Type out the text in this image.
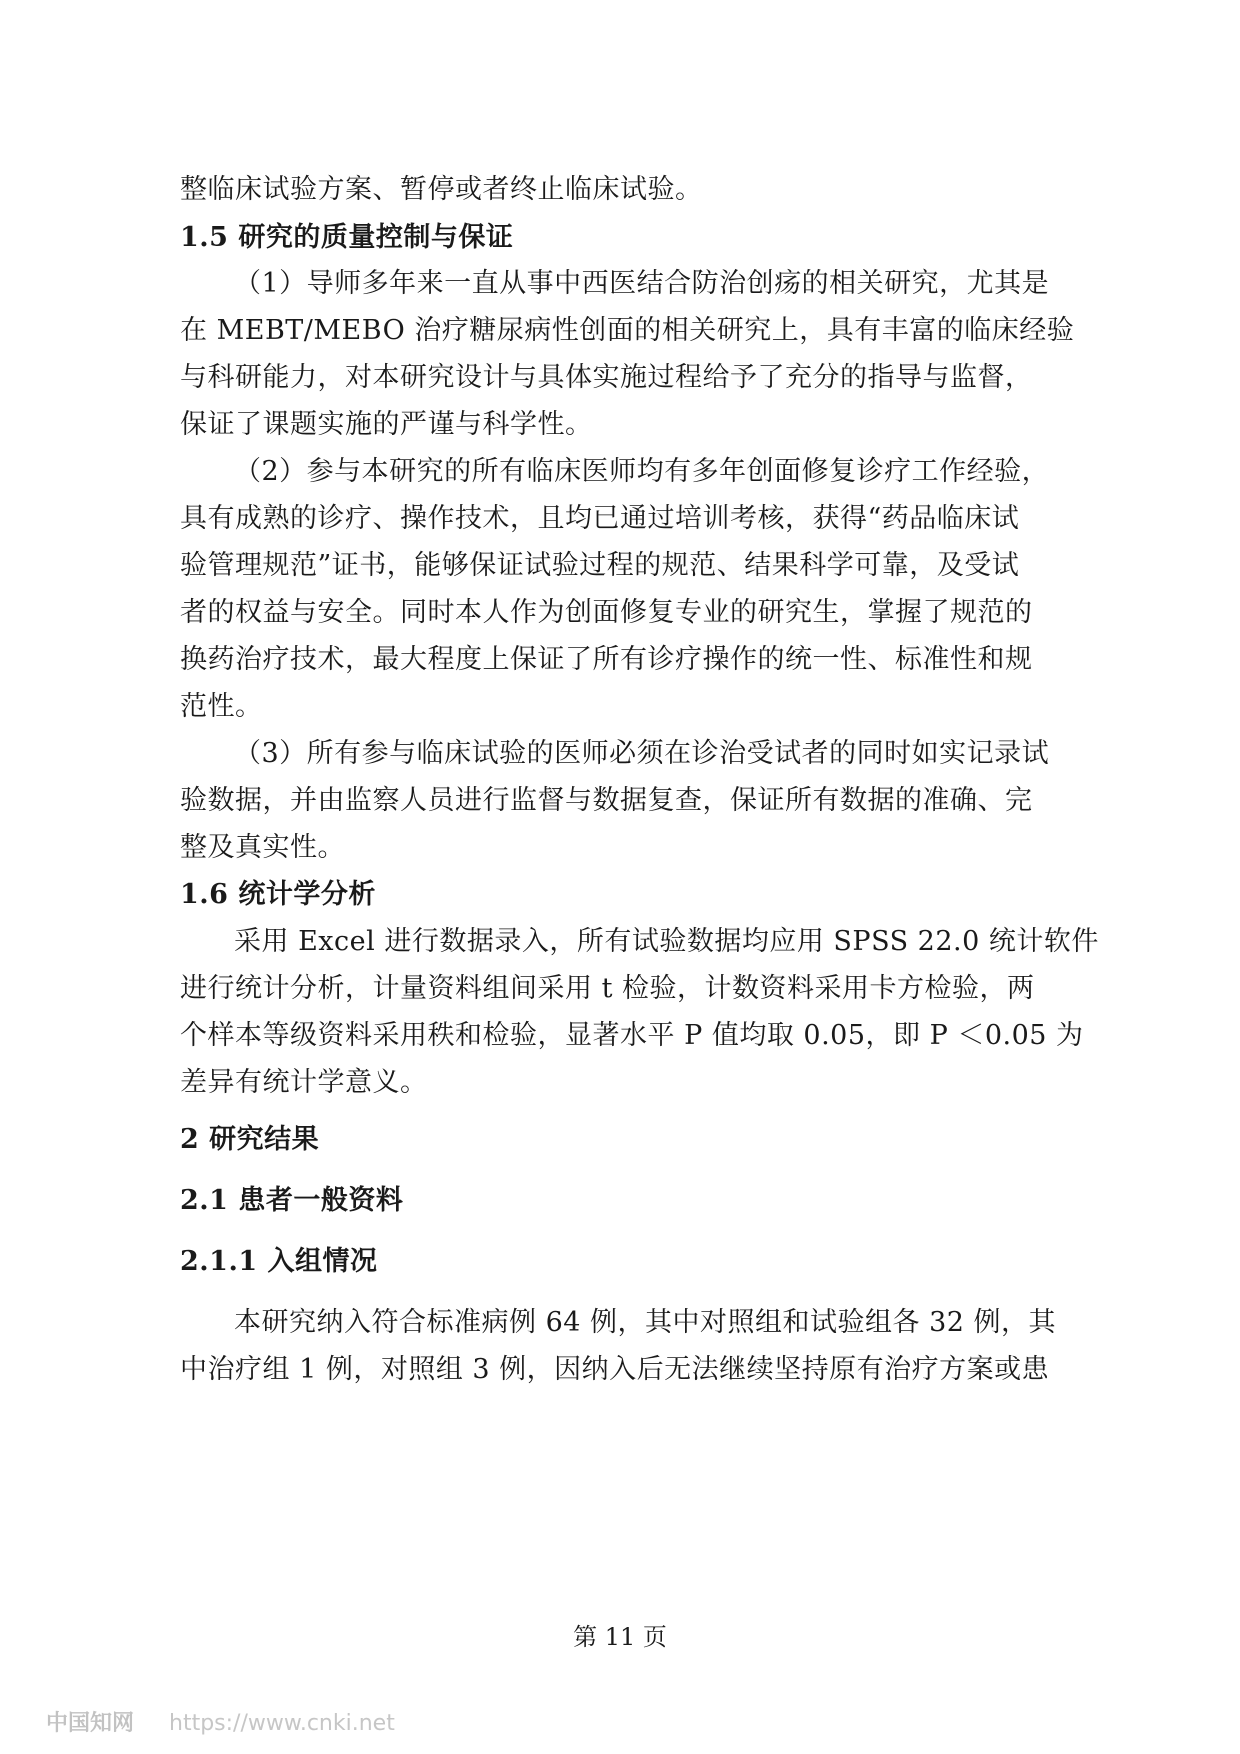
整临床试验方案、暂停或者终止临床试验。
1.5 研究的质量控制与保证
（1）导师多年来一直从事中西医结合防治创疡的相关研究，尤其是
在 MEBT/MEBO 治疗糖尿病性创面的相关研究上，具有丰富的临床经验
与科研能力，对本研究设计与具体实施过程给予了充分的指导与监督，
保证了课题实施的严谨与科学性。
（2）参与本研究的所有临床医师均有多年创面修复诊疗工作经验，
具有成熟的诊疗、操作技术，且均已通过培训考核，获得“药品临床试
验管理规范”证书，能够保证试验过程的规范、结果科学可靠，及受试
者的权益与安全。同时本人作为创面修复专业的研究生，掌握了规范的
换药治疗技术，最大程度上保证了所有诊疗操作的统一性、标准性和规
范性。
（3）所有参与临床试验的医师必须在诊治受试者的同时如实记录试
验数据，并由监察人员进行监督与数据复查，保证所有数据的准确、完
整及真实性。
1.6 统计学分析
采用 Excel 进行数据录入，所有试验数据均应用 SPSS 22.0 统计软件
进行统计分析，计量资料组间采用 t 检验，计数资料采用卡方检验，两
个样本等级资料采用秩和检验，显著水平 P 值均取 0.05，即 P ＜0.05 为
差异有统计学意义。
2 研究结果
2.1 患者一般资料
2.1.1 入组情况
本研究纳入符合标准病例 64 例，其中对照组和试验组各 32 例，其
中治疗组 1 例，对照组 3 例，因纳入后无法继续坚持原有治疗方案或患
第 11 页
中国知网 https://www.cnki.net
